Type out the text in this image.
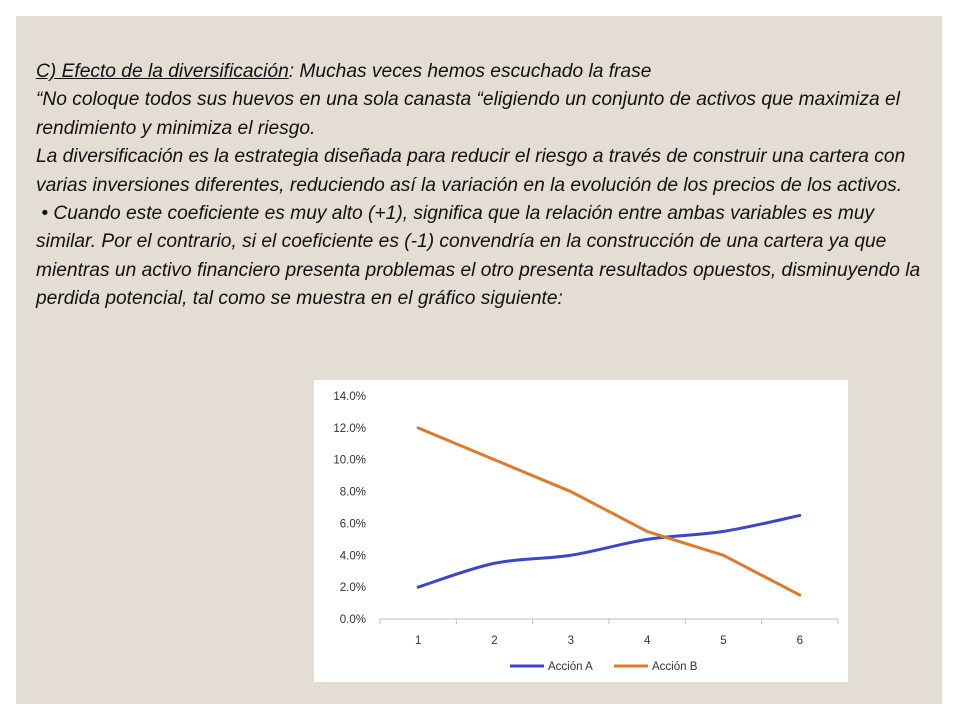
C) Efecto de la diversificación: Muchas veces hemos escuchado la frase

“No coloque todos sus huevos en una sola canasta “eligiendo un conjunto de activos que maximiza el rendimiento y minimiza el riesgo.

La diversificación es la estrategia diseñada para reducir el riesgo a través de construir una cartera con varias inversiones diferentes, reduciendo así la variación en la evolución de los precios de los activos.

• Cuando este coeficiente es muy alto (+1), significa que la relación entre ambas variables es muy similar. Por el contrario, si el coeficiente es (-1) convendría en la construcción de una cartera ya que mientras un activo financiero presenta problemas el otro presenta resultados opuestos, disminuyendo la perdida potencial, tal como se muestra en el gráfico siguiente:

0.0%
2.0%
4.0%
6.0%
8.0%
10.0%
12.0%
14.0%
1	2	3	4	5	6
Acción A	Acción B
